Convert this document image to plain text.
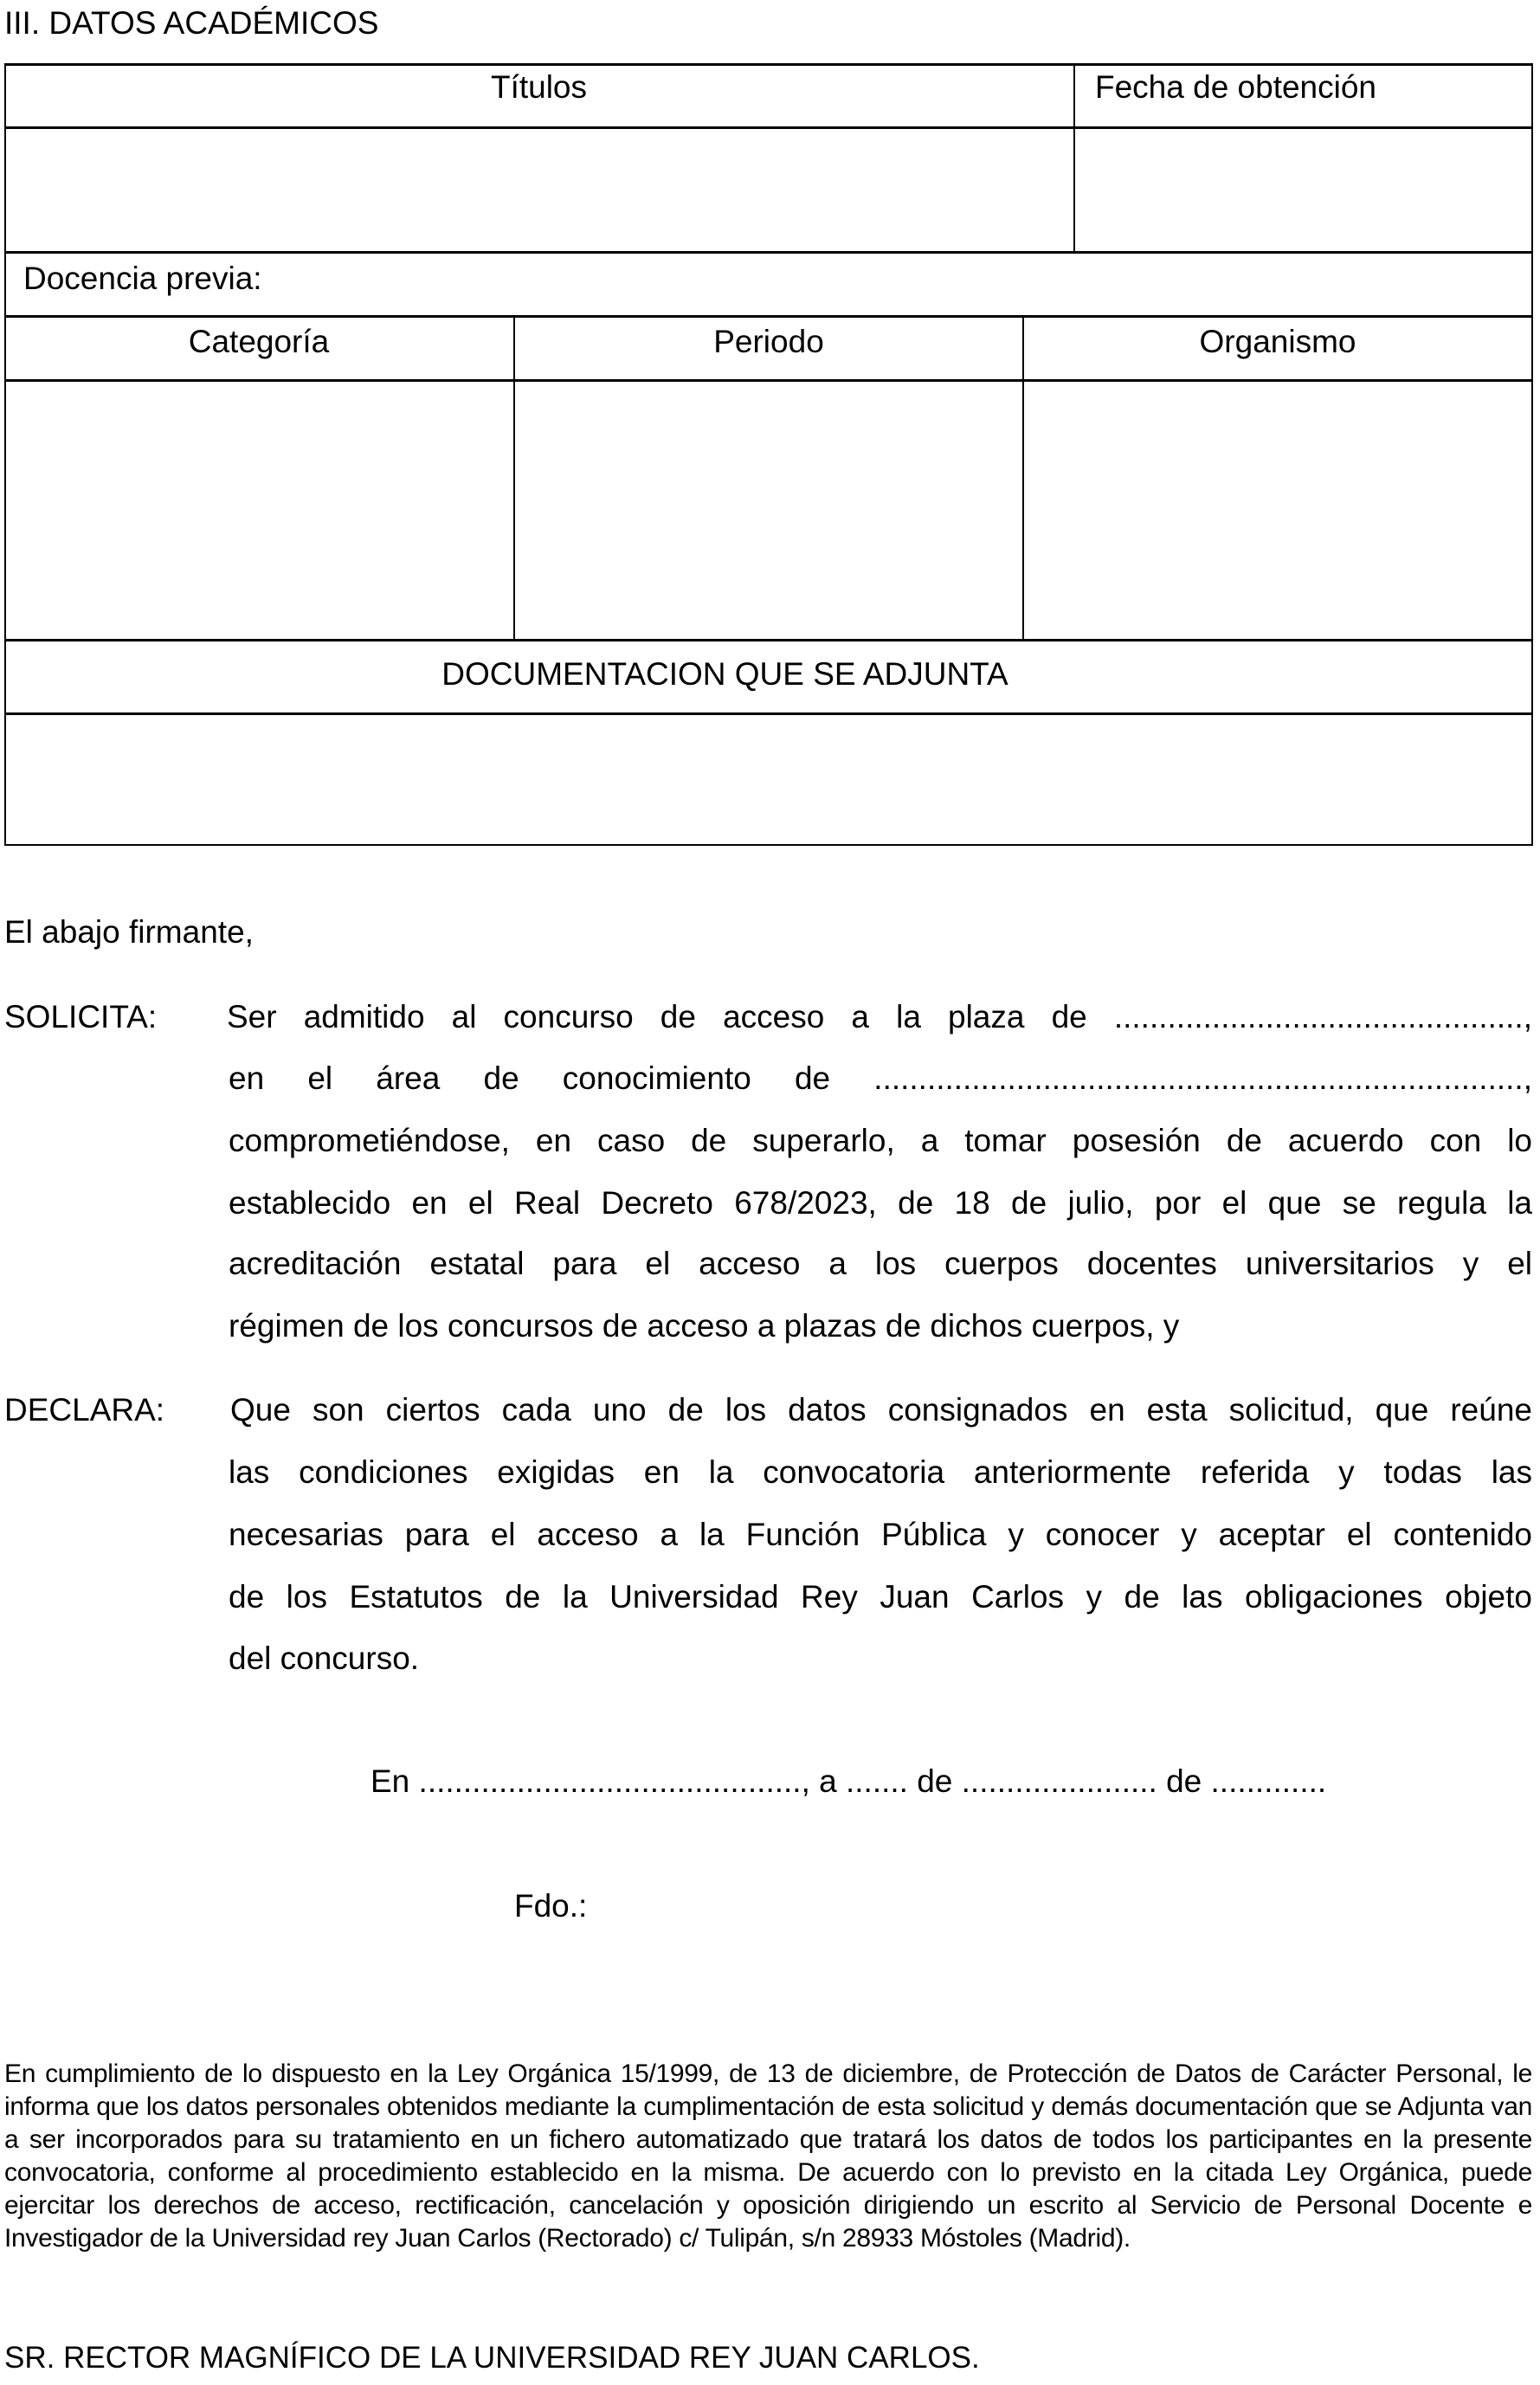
III. DATOS ACADÉMICOS
Títulos	Fecha de obtención
Docencia previa:
Categoría	Periodo	Organismo
DOCUMENTACION QUE SE ADJUNTA
El abajo firmante,
SOLICITA: Ser admitido al concurso de acceso a la plaza de ..............................................,
en el área de conocimiento de .........................................................................,
comprometiéndose, en caso de superarlo, a tomar posesión de acuerdo con lo
establecido en el Real Decreto 678/2023, de 18 de julio, por el que se regula la
acreditación estatal para el acceso a los cuerpos docentes universitarios y el
régimen de los concursos de acceso a plazas de dichos cuerpos, y
DECLARA: Que son ciertos cada uno de los datos consignados en esta solicitud, que reúne
las condiciones exigidas en la convocatoria anteriormente referida y todas las
necesarias para el acceso a la Función Pública y conocer y aceptar el contenido
de los Estatutos de la Universidad Rey Juan Carlos y de las obligaciones objeto
del concurso.
En ..........................................., a ....... de ...................... de .............
Fdo.:
En cumplimiento de lo dispuesto en la Ley Orgánica 15/1999, de 13 de diciembre, de Protección de Datos de Carácter Personal, le informa que los datos personales obtenidos mediante la cumplimentación de esta solicitud y demás documentación que se Adjunta van a ser incorporados para su tratamiento en un fichero automatizado que tratará los datos de todos los participantes en la presente convocatoria, conforme al procedimiento establecido en la misma. De acuerdo con lo previsto en la citada Ley Orgánica, puede ejercitar los derechos de acceso, rectificación, cancelación y oposición dirigiendo un escrito al Servicio de Personal Docente e Investigador de la Universidad rey Juan Carlos (Rectorado) c/ Tulipán, s/n 28933 Móstoles (Madrid).
SR. RECTOR MAGNÍFICO DE LA UNIVERSIDAD REY JUAN CARLOS.
